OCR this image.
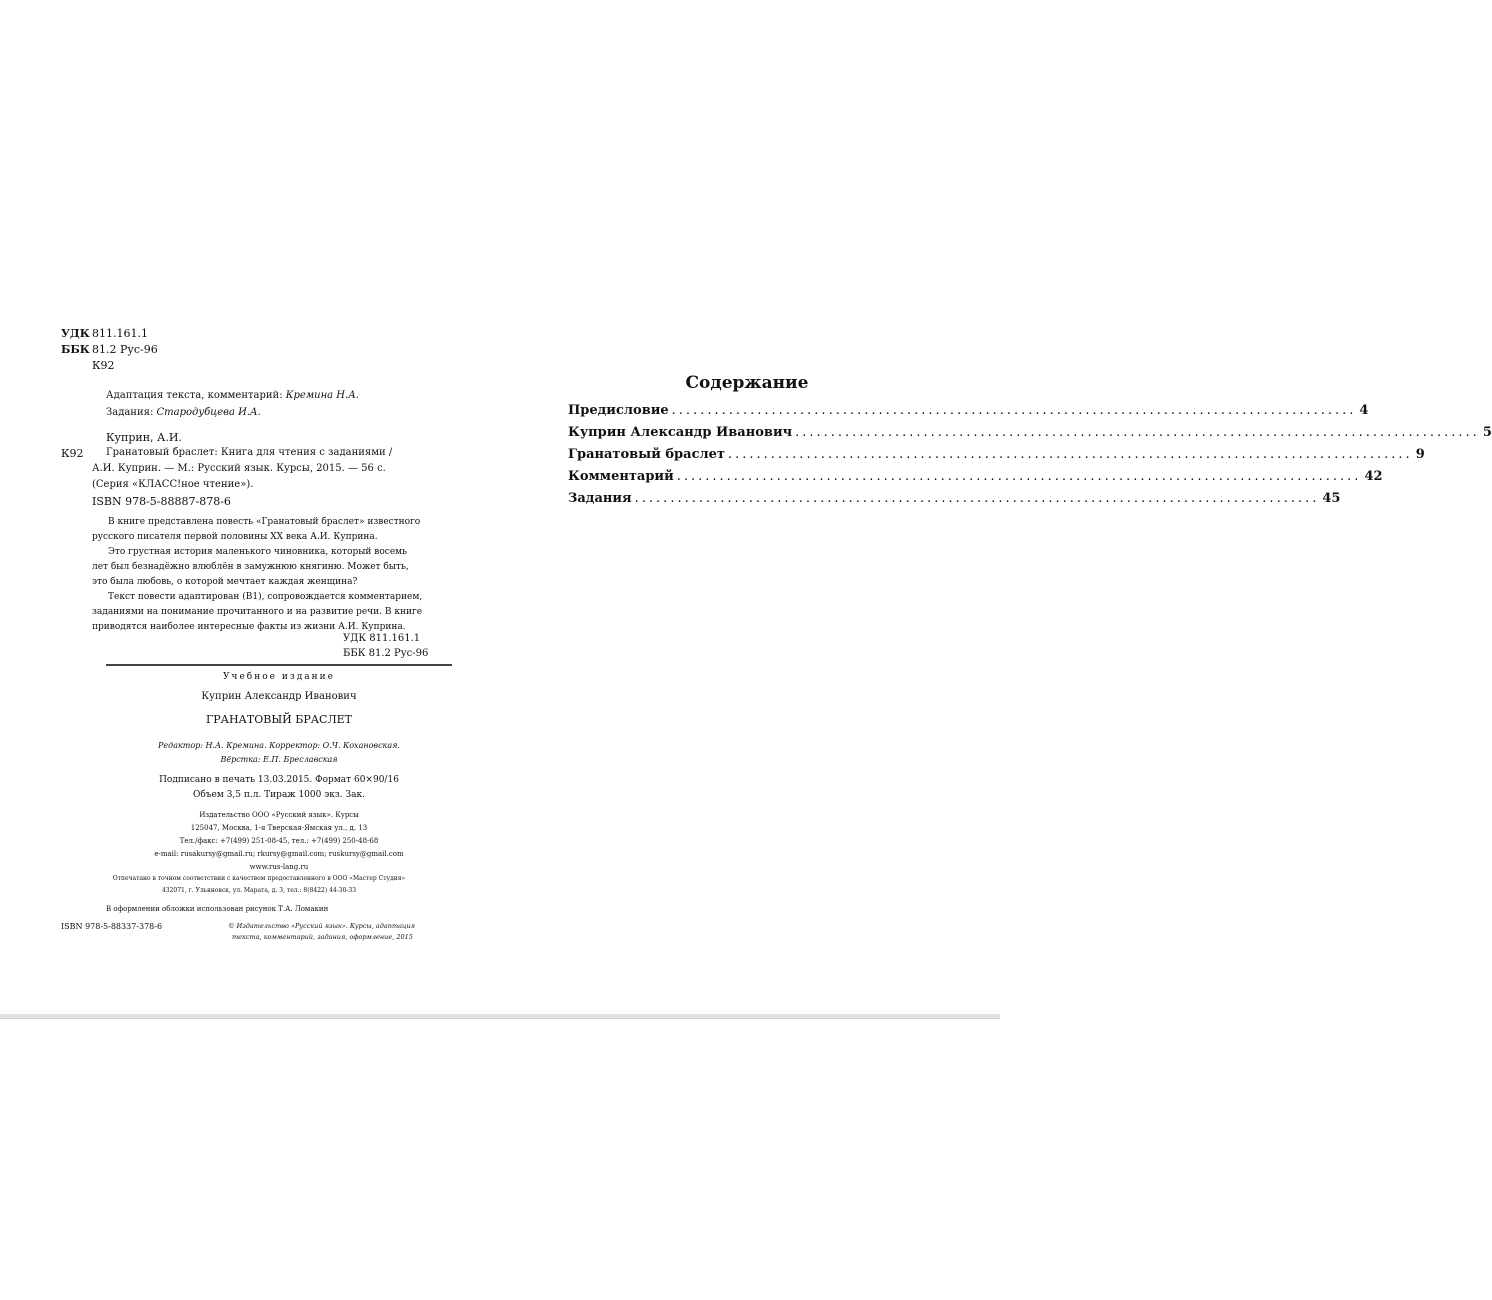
УДК 811.161.1
ББК 81.2 Рус-96
К92
Адаптация текста, комментарий: Кремина Н.А.
Задания: Стародубцева И.А.
Куприн, А.И.
К92 Гранатовый браслет: Книга для чтения с заданиями /
А.И. Куприн. — М.: Русский язык. Курсы, 2015. — 56 с.
(Серия «КЛАСС!ное чтение»).
ISBN 978-5-88887-878-6
В книге представлена повесть «Гранатовый браслет» известного
русского писателя первой половины XX века А.И. Куприна.
Это грустная история маленького чиновника, который восемь
лет был безнадёжно влюблён в замужнюю княгиню. Может быть,
это была любовь, о которой мечтает каждая женщина?
Текст повести адаптирован (В1), сопровождается комментарием,
заданиями на понимание прочитанного и на развитие речи. В книге
приводятся наиболее интересные факты из жизни А.И. Куприна.
УДК 811.161.1
ББК 81.2 Рус-96
Учебное издание
Куприн Александр Иванович
ГРАНАТОВЫЙ БРАСЛЕТ
Редактор: Н.А. Кремина. Корректор: О.Ч. Кохановская.
Вёрстка: Е.П. Бреславская
Подписано в печать 13.03.2015. Формат 60×90/16
Объем 3,5 п.л. Тираж 1000 экз. Зак.
Издательство ООО «Русский язык». Курсы
125047, Москва, 1-я Тверская-Ямская ул., д. 13
Тел./факс: +7(499) 251-08-45, тел.: +7(499) 250-48-68
e-mail: rusakursy@gmail.ru; rkursy@gmail.com; ruskursy@gmail.com
www.rus-lang.ru
Отпечатано в точном соответствии с качеством предоставленного в ООО «Мастер Студия»
432071, г. Ульяновск, ул. Марата, д. 3, тел.: 8(8422) 44-30-33
В оформлении обложки использован рисунок Т.А. Ломакин
ISBN 978-5-88337-378-6	© Издательство «Русский язык». Курсы, адаптация
текста, комментарий, задания, оформление, 2015
Содержание
Предисловие ................................................................................................ 4
Куприн Александр Иванович ................................................................................................ 5
Гранатовый браслет ................................................................................................ 9
Комментарий ................................................................................................ 42
Задания ................................................................................................ 45
